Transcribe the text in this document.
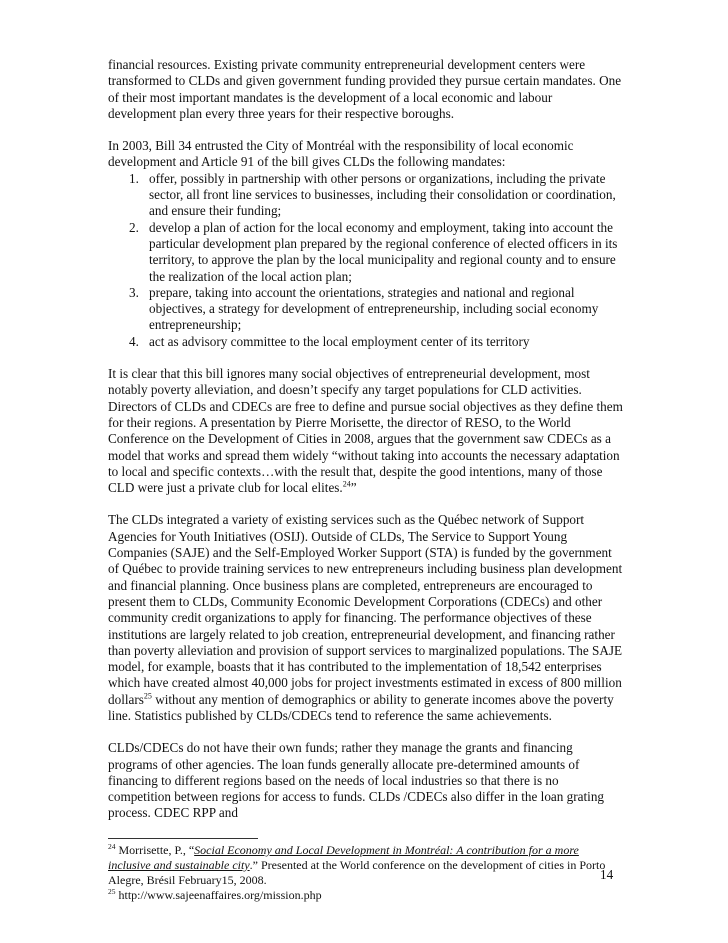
financial resources. Existing private community entrepreneurial development centers were transformed to CLDs and given government funding provided they pursue certain mandates. One of their most important mandates is the development of a local economic and labour development plan every three years for their respective boroughs.

In 2003, Bill 34 entrusted the City of Montréal with the responsibility of local economic development and Article 91 of the bill gives CLDs the following mandates:

1. offer, possibly in partnership with other persons or organizations, including the private sector, all front line services to businesses, including their consolidation or coordination, and ensure their funding;
2. develop a plan of action for the local economy and employment, taking into account the particular development plan prepared by the regional conference of elected officers in its territory, to approve the plan by the local municipality and regional county and to ensure the realization of the local action plan;
3. prepare, taking into account the orientations, strategies and national and regional objectives, a strategy for development of entrepreneurship, including social economy entrepreneurship;
4. act as advisory committee to the local employment center of its territory

It is clear that this bill ignores many social objectives of entrepreneurial development, most notably poverty alleviation, and doesn’t specify any target populations for CLD activities. Directors of CLDs and CDECs are free to define and pursue social objectives as they define them for their regions. A presentation by Pierre Morisette, the director of RESO, to the World Conference on the Development of Cities in 2008, argues that the government saw CDECs as a model that works and spread them widely “without taking into accounts the necessary adaptation to local and specific contexts…with the result that, despite the good intentions, many of those CLD were just a private club for local elites.$^{24}$”

The CLDs integrated a variety of existing services such as the Québec network of Support Agencies for Youth Initiatives (OSIJ). Outside of CLDs, The Service to Support Young Companies (SAJE) and the Self-Employed Worker Support (STA) is funded by the government of Québec to provide training services to new entrepreneurs including business plan development and financial planning. Once business plans are completed, entrepreneurs are encouraged to present them to CLDs, Community Economic Development Corporations (CDECs) and other community credit organizations to apply for financing. The performance objectives of these institutions are largely related to job creation, entrepreneurial development, and financing rather than poverty alleviation and provision of support services to marginalized populations. The SAJE model, for example, boasts that it has contributed to the implementation of 18,542 enterprises which have created almost 40,000 jobs for project investments estimated in excess of 800 million dollars$^{25}$ without any mention of demographics or ability to generate incomes above the poverty line. Statistics published by CLDs/CDECs tend to reference the same achievements.

CLDs/CDECs do not have their own funds; rather they manage the grants and financing programs of other agencies. The loan funds generally allocate pre-determined amounts of financing to different regions based on the needs of local industries so that there is no competition between regions for access to funds. CLDs /CDECs also differ in the loan grating process. CDEC RPP and

$^{24}$ Morrisette, P., “Social Economy and Local Development in Montréal: A contribution for a more inclusive and sustainable city.” Presented at the World conference on the development of cities in Porto Alegre, Brésil February15, 2008.

$^{25}$ http://www.sajeenaffaires.org/mission.php

14
